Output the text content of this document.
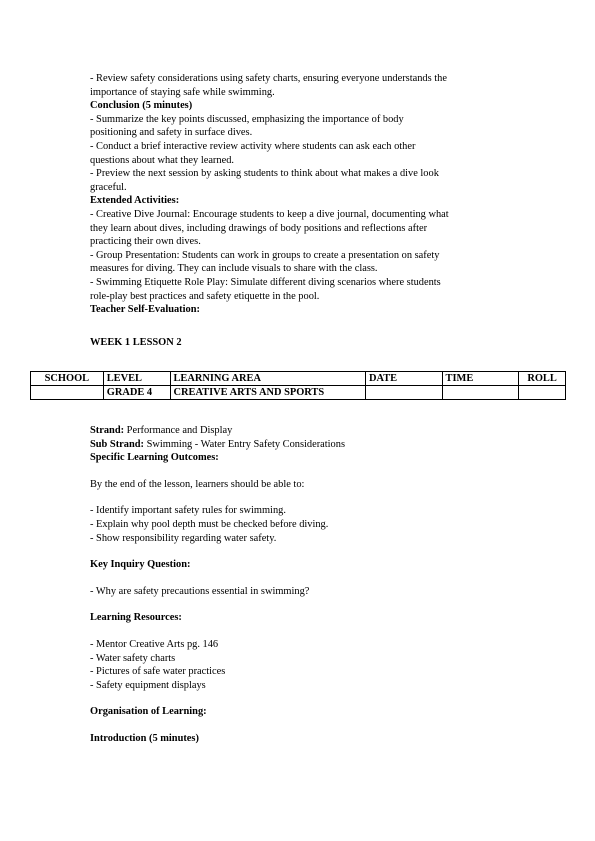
- Review safety considerations using safety charts, ensuring everyone understands the
importance of staying safe while swimming.
Conclusion (5 minutes)
- Summarize the key points discussed, emphasizing the importance of body
positioning and safety in surface dives.
- Conduct a brief interactive review activity where students can ask each other
questions about what they learned.
- Preview the next session by asking students to think about what makes a dive look
graceful.
Extended Activities:
- Creative Dive Journal: Encourage students to keep a dive journal, documenting what
they learn about dives, including drawings of body positions and reflections after
practicing their own dives.
- Group Presentation: Students can work in groups to create a presentation on safety
measures for diving. They can include visuals to share with the class.
- Swimming Etiquette Role Play: Simulate different diving scenarios where students
role-play best practices and safety etiquette in the pool.
Teacher Self-Evaluation:
WEEK 1 LESSON 2
SCHOOL	LEVEL	LEARNING AREA	DATE	TIME	ROLL
	GRADE 4	CREATIVE ARTS AND SPORTS			
Strand: Performance and Display
Sub Strand: Swimming - Water Entry Safety Considerations
Specific Learning Outcomes:
By the end of the lesson, learners should be able to:
- Identify important safety rules for swimming.
- Explain why pool depth must be checked before diving.
- Show responsibility regarding water safety.
Key Inquiry Question:
- Why are safety precautions essential in swimming?
Learning Resources:
- Mentor Creative Arts pg. 146
- Water safety charts
- Pictures of safe water practices
- Safety equipment displays
Organisation of Learning:
Introduction (5 minutes)
